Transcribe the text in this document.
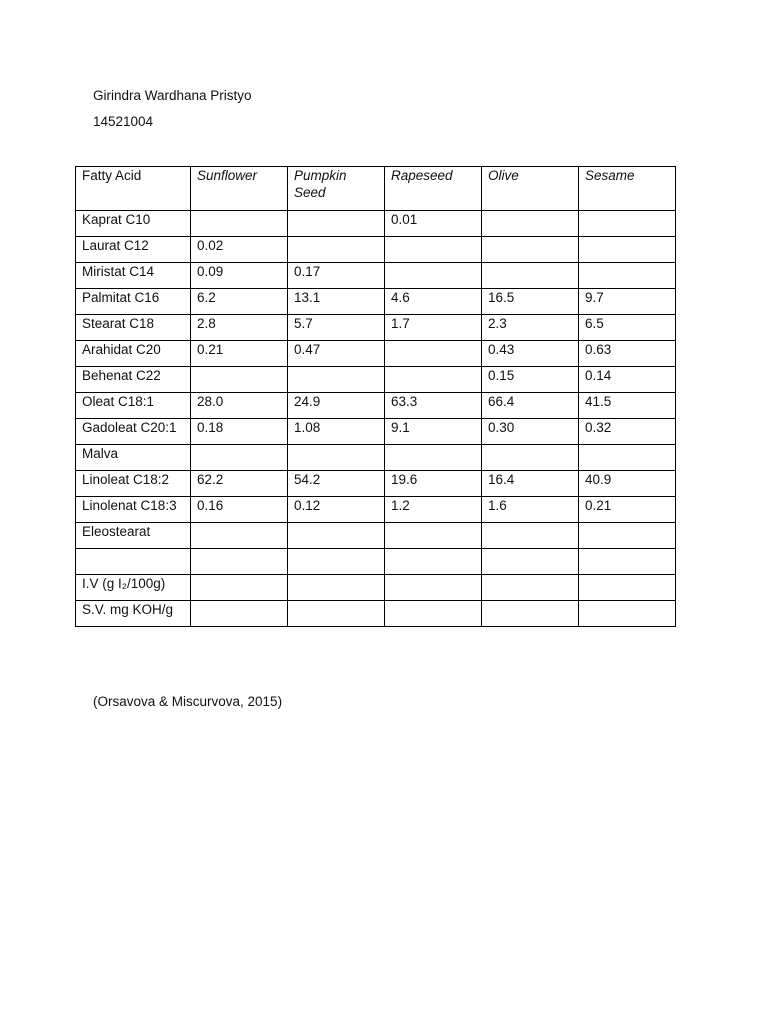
Girindra Wardhana Pristyo
14521004
Fatty Acid	Sunflower	Pumpkin Seed	Rapeseed	Olive	Sesame
Kaprat C10			0.01		
Laurat C12	0.02				
Miristat C14	0.09	0.17			
Palmitat C16	6.2	13.1	4.6	16.5	9.7
Stearat C18	2.8	5.7	1.7	2.3	6.5
Arahidat C20	0.21	0.47		0.43	0.63
Behenat C22				0.15	0.14
Oleat C18:1	28.0	24.9	63.3	66.4	41.5
Gadoleat C20:1	0.18	1.08	9.1	0.30	0.32
Malva					
Linoleat C18:2	62.2	54.2	19.6	16.4	40.9
Linolenat C18:3	0.16	0.12	1.2	1.6	0.21
Eleostearat					

I.V (g I₂/100g)					
S.V. mg KOH/g					
(Orsavova & Miscurvova, 2015)
